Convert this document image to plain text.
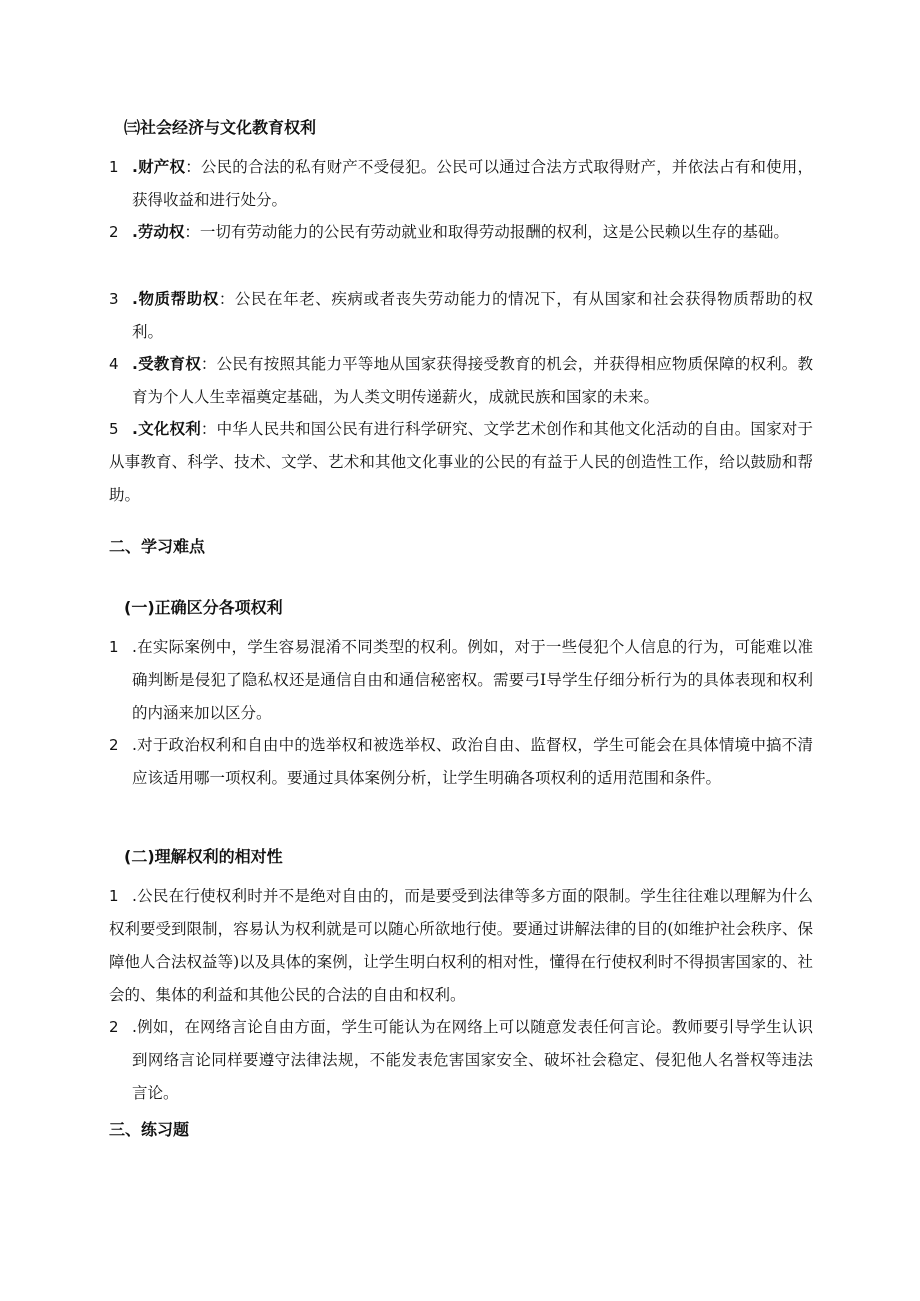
㈢社会经济与文化教育权利
1 .财产权：公民的合法的私有财产不受侵犯。公民可以通过合法方式取得财产，并依法占有和使用，获得收益和进行处分。
2 .劳动权：一切有劳动能力的公民有劳动就业和取得劳动报酬的权利，这是公民赖以生存的基础。
3 .物质帮助权：公民在年老、疾病或者丧失劳动能力的情况下，有从国家和社会获得物质帮助的权利。
4 .受教育权：公民有按照其能力平等地从国家获得接受教育的机会，并获得相应物质保障的权利。教育为个人人生幸福奠定基础，为人类文明传递薪火，成就民族和国家的未来。
5 .文化权利：中华人民共和国公民有进行科学研究、文学艺术创作和其他文化活动的自由。国家对于从事教育、科学、技术、文学、艺术和其他文化事业的公民的有益于人民的创造性工作，给以鼓励和帮助。
二、学习难点
(一)正确区分各项权利
1 .在实际案例中，学生容易混淆不同类型的权利。例如，对于一些侵犯个人信息的行为，可能难以准确判断是侵犯了隐私权还是通信自由和通信秘密权。需要弓I导学生仔细分析行为的具体表现和权利的内涵来加以区分。
2 .对于政治权利和自由中的选举权和被选举权、政治自由、监督权，学生可能会在具体情境中搞不清应该适用哪一项权利。要通过具体案例分析，让学生明确各项权利的适用范围和条件。
(二)理解权利的相对性
1 .公民在行使权利时并不是绝对自由的，而是要受到法律等多方面的限制。学生往往难以理解为什么权利要受到限制，容易认为权利就是可以随心所欲地行使。要通过讲解法律的目的(如维护社会秩序、保障他人合法权益等)以及具体的案例，让学生明白权利的相对性，懂得在行使权利时不得损害国家的、社会的、集体的利益和其他公民的合法的自由和权利。
2 .例如，在网络言论自由方面，学生可能认为在网络上可以随意发表任何言论。教师要引导学生认识到网络言论同样要遵守法律法规，不能发表危害国家安全、破坏社会稳定、侵犯他人名誉权等违法言论。
三、练习题
